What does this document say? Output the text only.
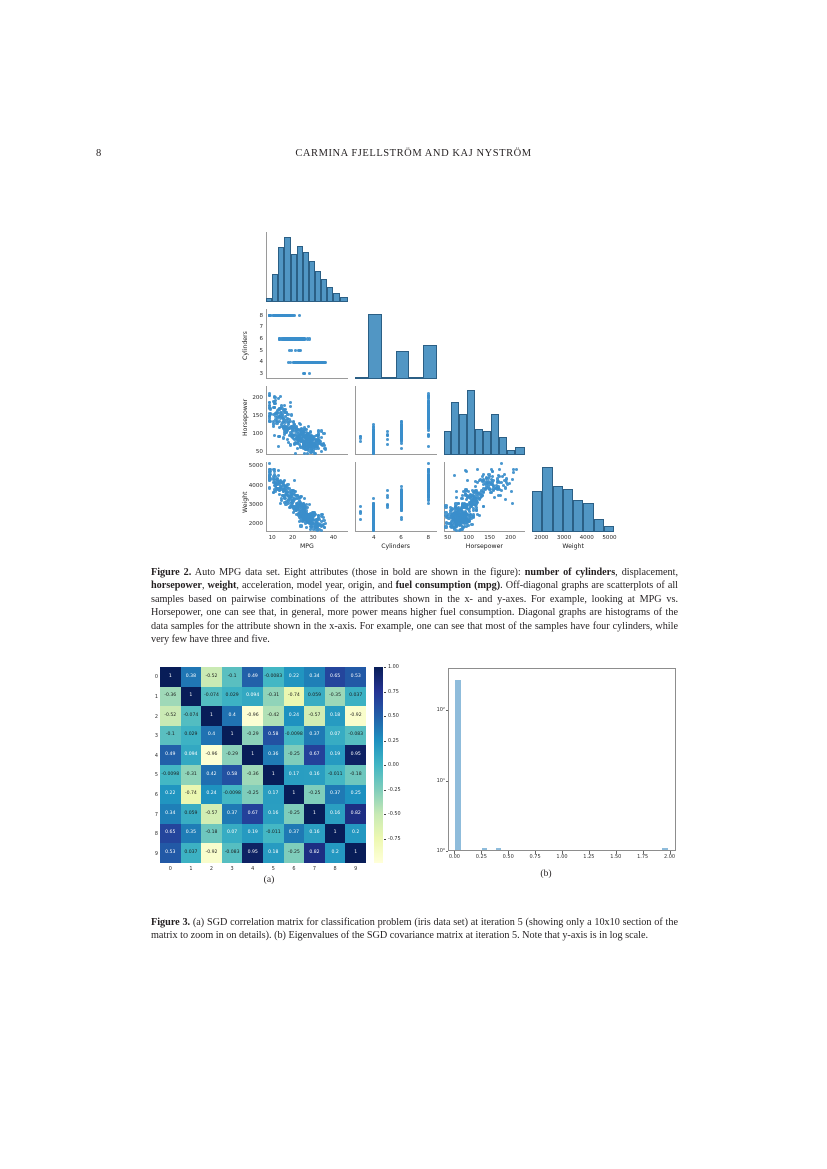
8	CARMINA FJELLSTRÖM AND KAJ NYSTRÖM
3
4
5
6
7
8
Cylinders
50
100
150
200
Horsepower
2000
3000
4000
5000
Weight
10	20	30	40
MPG
4	6	8
Cylinders
50	100	150	200
Horsepower
2000	3000	4000	5000
Weight
Figure 2. Auto MPG data set. Eight attributes (those in bold are shown in the figure): number of cylinders, displacement, horsepower, weight, acceleration, model year, origin, and fuel consumption (mpg). Off-diagonal graphs are scatterplots of all samples based on pairwise combinations of the attributes shown in the x- and y-axes. For example, looking at MPG vs. Horsepower, one can see that, in general, more power means higher fuel consumption. Diagonal graphs are histograms of the data samples for the attribute shown in the x-axis. For example, one can see that most of the samples have four cylinders, while very few have three and five.
1	0.38	-0.52	-0.1	0.49	-0.0083	0.22	0.34	0.65	0.53
-0.36	1	-0.074	0.029	0.094	-0.31	-0.74	0.059	-0.35	0.037
-0.52	-0.074	1	0.4	-0.96	-0.42	0.24	-0.57	0.18	-0.92
-0.1	0.029	0.4	1	-0.29	0.58	-0.0098	0.37	0.07	-0.083
0.49	0.094	-0.96	-0.29	1	0.36	-0.25	0.67	0.19	0.95
-0.0098	-0.31	0.42	0.58	-0.36	1	0.17	0.16	-0.011	-0.18
0.22	-0.74	0.24	-0.0098	-0.25	0.17	1	-0.25	0.37	0.25
0.34	0.059	-0.57	0.37	0.67	0.16	-0.25	1	0.16	0.82
0.65	0.35	-0.18	0.07	0.19	-0.011	0.37	0.16	1	0.2
0.53	0.037	-0.92	-0.083	0.95	0.18	-0.25	0.82	0.2	1
0	1	2	3	4	5	6	7	8	9
0
1
2
3
4
5
6
7
8
9
1.00
0.75
0.50
0.25
0.00
-0.25
-0.50
-0.75
10²
10¹
10⁰
0.00	0.25	0.50	0.75	1.00	1.25	1.50	1.75	2.00
(a)
(b)
Figure 3. (a) SGD correlation matrix for classification problem (iris data set) at iteration 5 (showing only a 10x10 section of the matrix to zoom in on details). (b) Eigenvalues of the SGD covariance matrix at iteration 5. Note that y-axis is in log scale.
